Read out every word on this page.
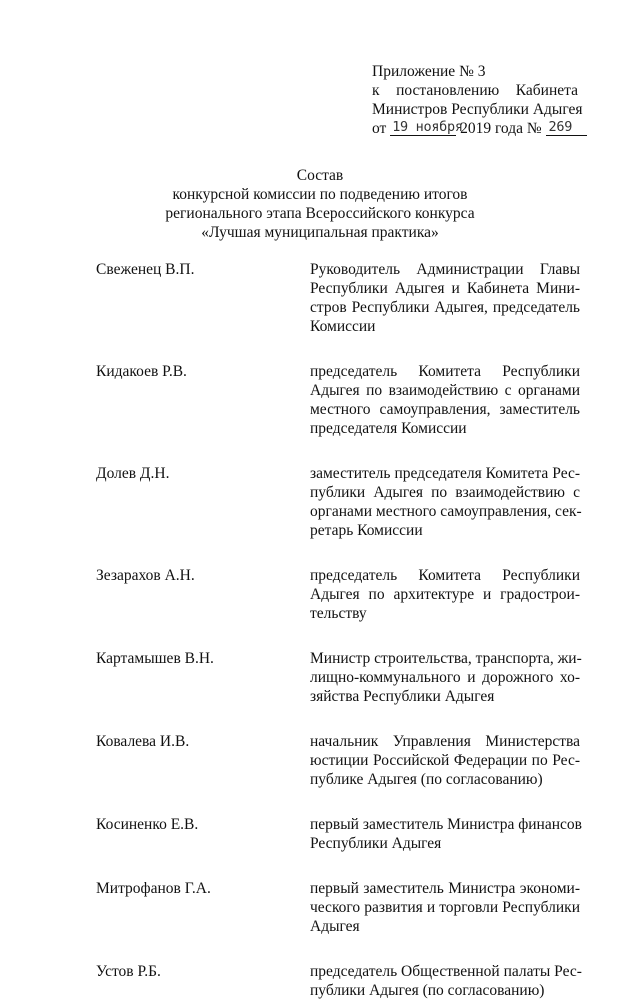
Приложение № 3
к постановлению Кабинета
Министров Республики Адыгея
от 19 ноября 2019 года № 269
Состав
конкурсной комиссии по подведению итогов
регионального этапа Всероссийского конкурса
«Лучшая муниципальная практика»
Свеженец В.П.	Руководитель Администрации Главы
Республики Адыгея и Кабинета Мини-
стров Республики Адыгея, председатель
Комиссии
Кидакоев Р.В.	председатель Комитета Республики
Адыгея по взаимодействию с органами
местного самоуправления, заместитель
председателя Комиссии
Долев Д.Н.	заместитель председателя Комитета Рес-
публики Адыгея по взаимодействию с
органами местного самоуправления, сек-
ретарь Комиссии
Зезарахов А.Н.	председатель Комитета Республики
Адыгея по архитектуре и градострои-
тельству
Картамышев В.Н.	Министр строительства, транспорта, жи-
лищно-коммунального и дорожного хо-
зяйства Республики Адыгея
Ковалева И.В.	начальник Управления Министерства
юстиции Российской Федерации по Рес-
публике Адыгея (по согласованию)
Косиненко Е.В.	первый заместитель Министра финансов
Республики Адыгея
Митрофанов Г.А.	первый заместитель Министра экономи-
ческого развития и торговли Республики
Адыгея
Устов Р.Б.	председатель Общественной палаты Рес-
публики Адыгея (по согласованию)
